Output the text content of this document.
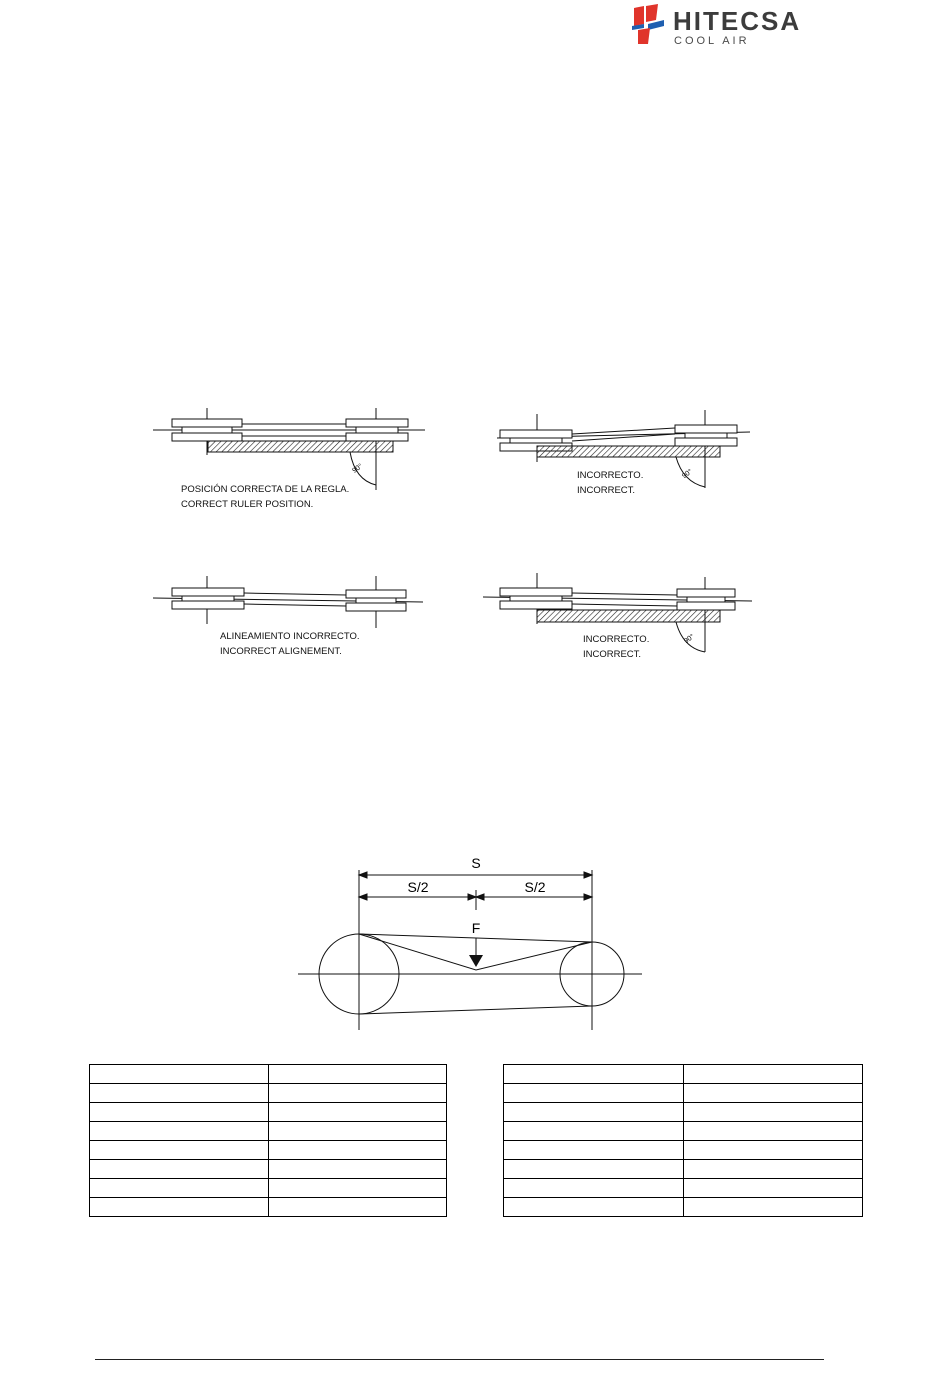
HITECSA
COOL AIR
90°	90°
90°
POSICIÓN CORRECTA DE LA REGLA.
CORRECT RULER POSITION.
INCORRECTO.
INCORRECT.
ALINEAMIENTO INCORRECTO.
INCORRECT ALIGNEMENT.
INCORRECTO.
INCORRECT.
S
S/2	S/2
F
